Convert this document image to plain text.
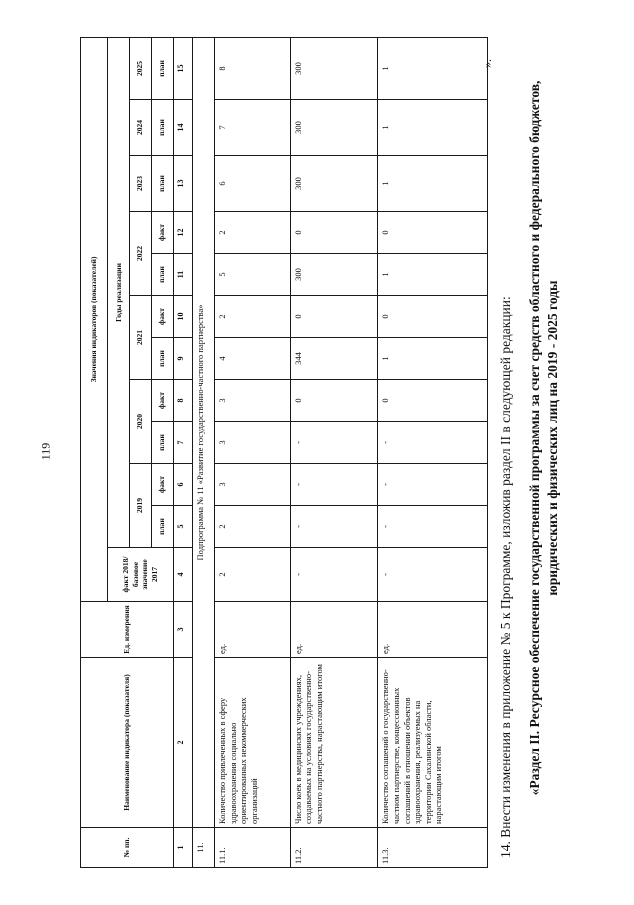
119
№ пп.	Наименование индикатора (показателя)	Ед. измерения	Значения индикаторов (показателей)											
			факт 2018/базовое значение 2017	Годы реализации										
				2019		2020		2021		2022		2023	2024	2025
				план	факт	план	факт	план	факт	план	факт	план	план	план
1	2	3	4	5	6	7	8	9	10	11	12	13	14	15
11.	Подпрограмма № 11 «Развитие государственно-частного партнерства»													
11.1.	Количество привлеченных в сферу здравоохранения социально ориентированных некоммерческих организаций	ед.	2	2	3	3	3	4	2	5	2	6	7	8
11.2.	Число коек в медицинских учреждениях, создаваемых на условиях государственно-частного партнерства, нарастающим итогом	ед.	-	-	-	-	0	344	0	300	0	300	300	300
11.3.	Количество соглашений о государственно-частном партнерстве, концессионных соглашений в отношении объектов здравоохранения, реализуемых на территории Сахалинской области, нарастающим итогом	ед.	-	-	-	-	0	1	0	1	0	1	1	1
».
14. Внести изменения в приложение № 5 к Программе, изложив раздел II в следующей редакции: «Раздел II. Ресурсное обеспечение государственной программы за счет средств областного и федерального бюджетов, юридических и физических лиц на 2019 - 2025 годы
